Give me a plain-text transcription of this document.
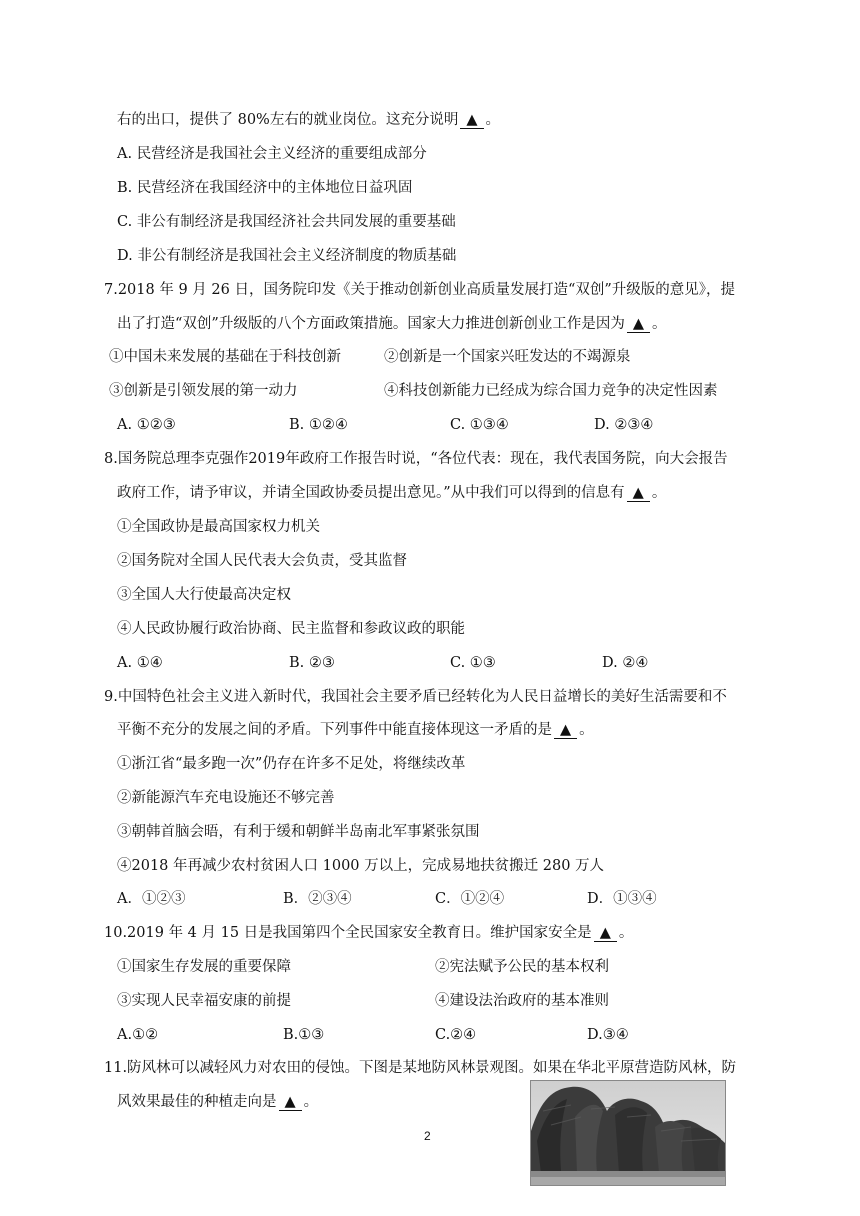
右的出口，提供了 80%左右的就业岗位。这充分说明 ▲ 。
A. 民营经济是我国社会主义经济的重要组成部分
B. 民营经济在我国经济中的主体地位日益巩固
C. 非公有制经济是我国经济社会共同发展的重要基础
D. 非公有制经济是我国社会主义经济制度的物质基础
7.2018 年 9 月 26 日，国务院印发《关于推动创新创业高质量发展打造“双创”升级版的意见》，提
出了打造“双创”升级版的八个方面政策措施。国家大力推进创新创业工作是因为 ▲ 。
①中国未来发展的基础在于科技创新	②创新是一个国家兴旺发达的不竭源泉
③创新是引领发展的第一动力	④科技创新能力已经成为综合国力竞争的决定性因素
A. ①②③	B. ①②④	C. ①③④	D. ②③④
8.国务院总理李克强作2019年政府工作报告时说，“各位代表：现在，我代表国务院，向大会报告
政府工作，请予审议，并请全国政协委员提出意见。”从中我们可以得到的信息有 ▲ 。
①全国政协是最高国家权力机关
②国务院对全国人民代表大会负责，受其监督
③全国人大行使最高决定权
④人民政协履行政治协商、民主监督和参政议政的职能
A. ①④	B. ②③	C. ①③	D. ②④
9.中国特色社会主义进入新时代，我国社会主要矛盾已经转化为人民日益增长的美好生活需要和不
平衡不充分的发展之间的矛盾。下列事件中能直接体现这一矛盾的是 ▲ 。
①浙江省“最多跑一次”仍存在许多不足处，将继续改革
②新能源汽车充电设施还不够完善
③朝韩首脑会晤，有利于缓和朝鲜半岛南北军事紧张氛围
④2018 年再减少农村贫困人口 1000 万以上，完成易地扶贫搬迁 280 万人
A．①②③	B．②③④	C．①②④	D．①③④
10.2019 年 4 月 15 日是我国第四个全民国家安全教育日。维护国家安全是 ▲ 。
①国家生存发展的重要保障	②宪法赋予公民的基本权利
③实现人民幸福安康的前提	④建设法治政府的基本准则
A.①②	B.①③	C.②④	D.③④
11.防风林可以减轻风力对农田的侵蚀。下图是某地防风林景观图。如果在华北平原营造防风林，防
风效果最佳的种植走向是 ▲ 。
2
